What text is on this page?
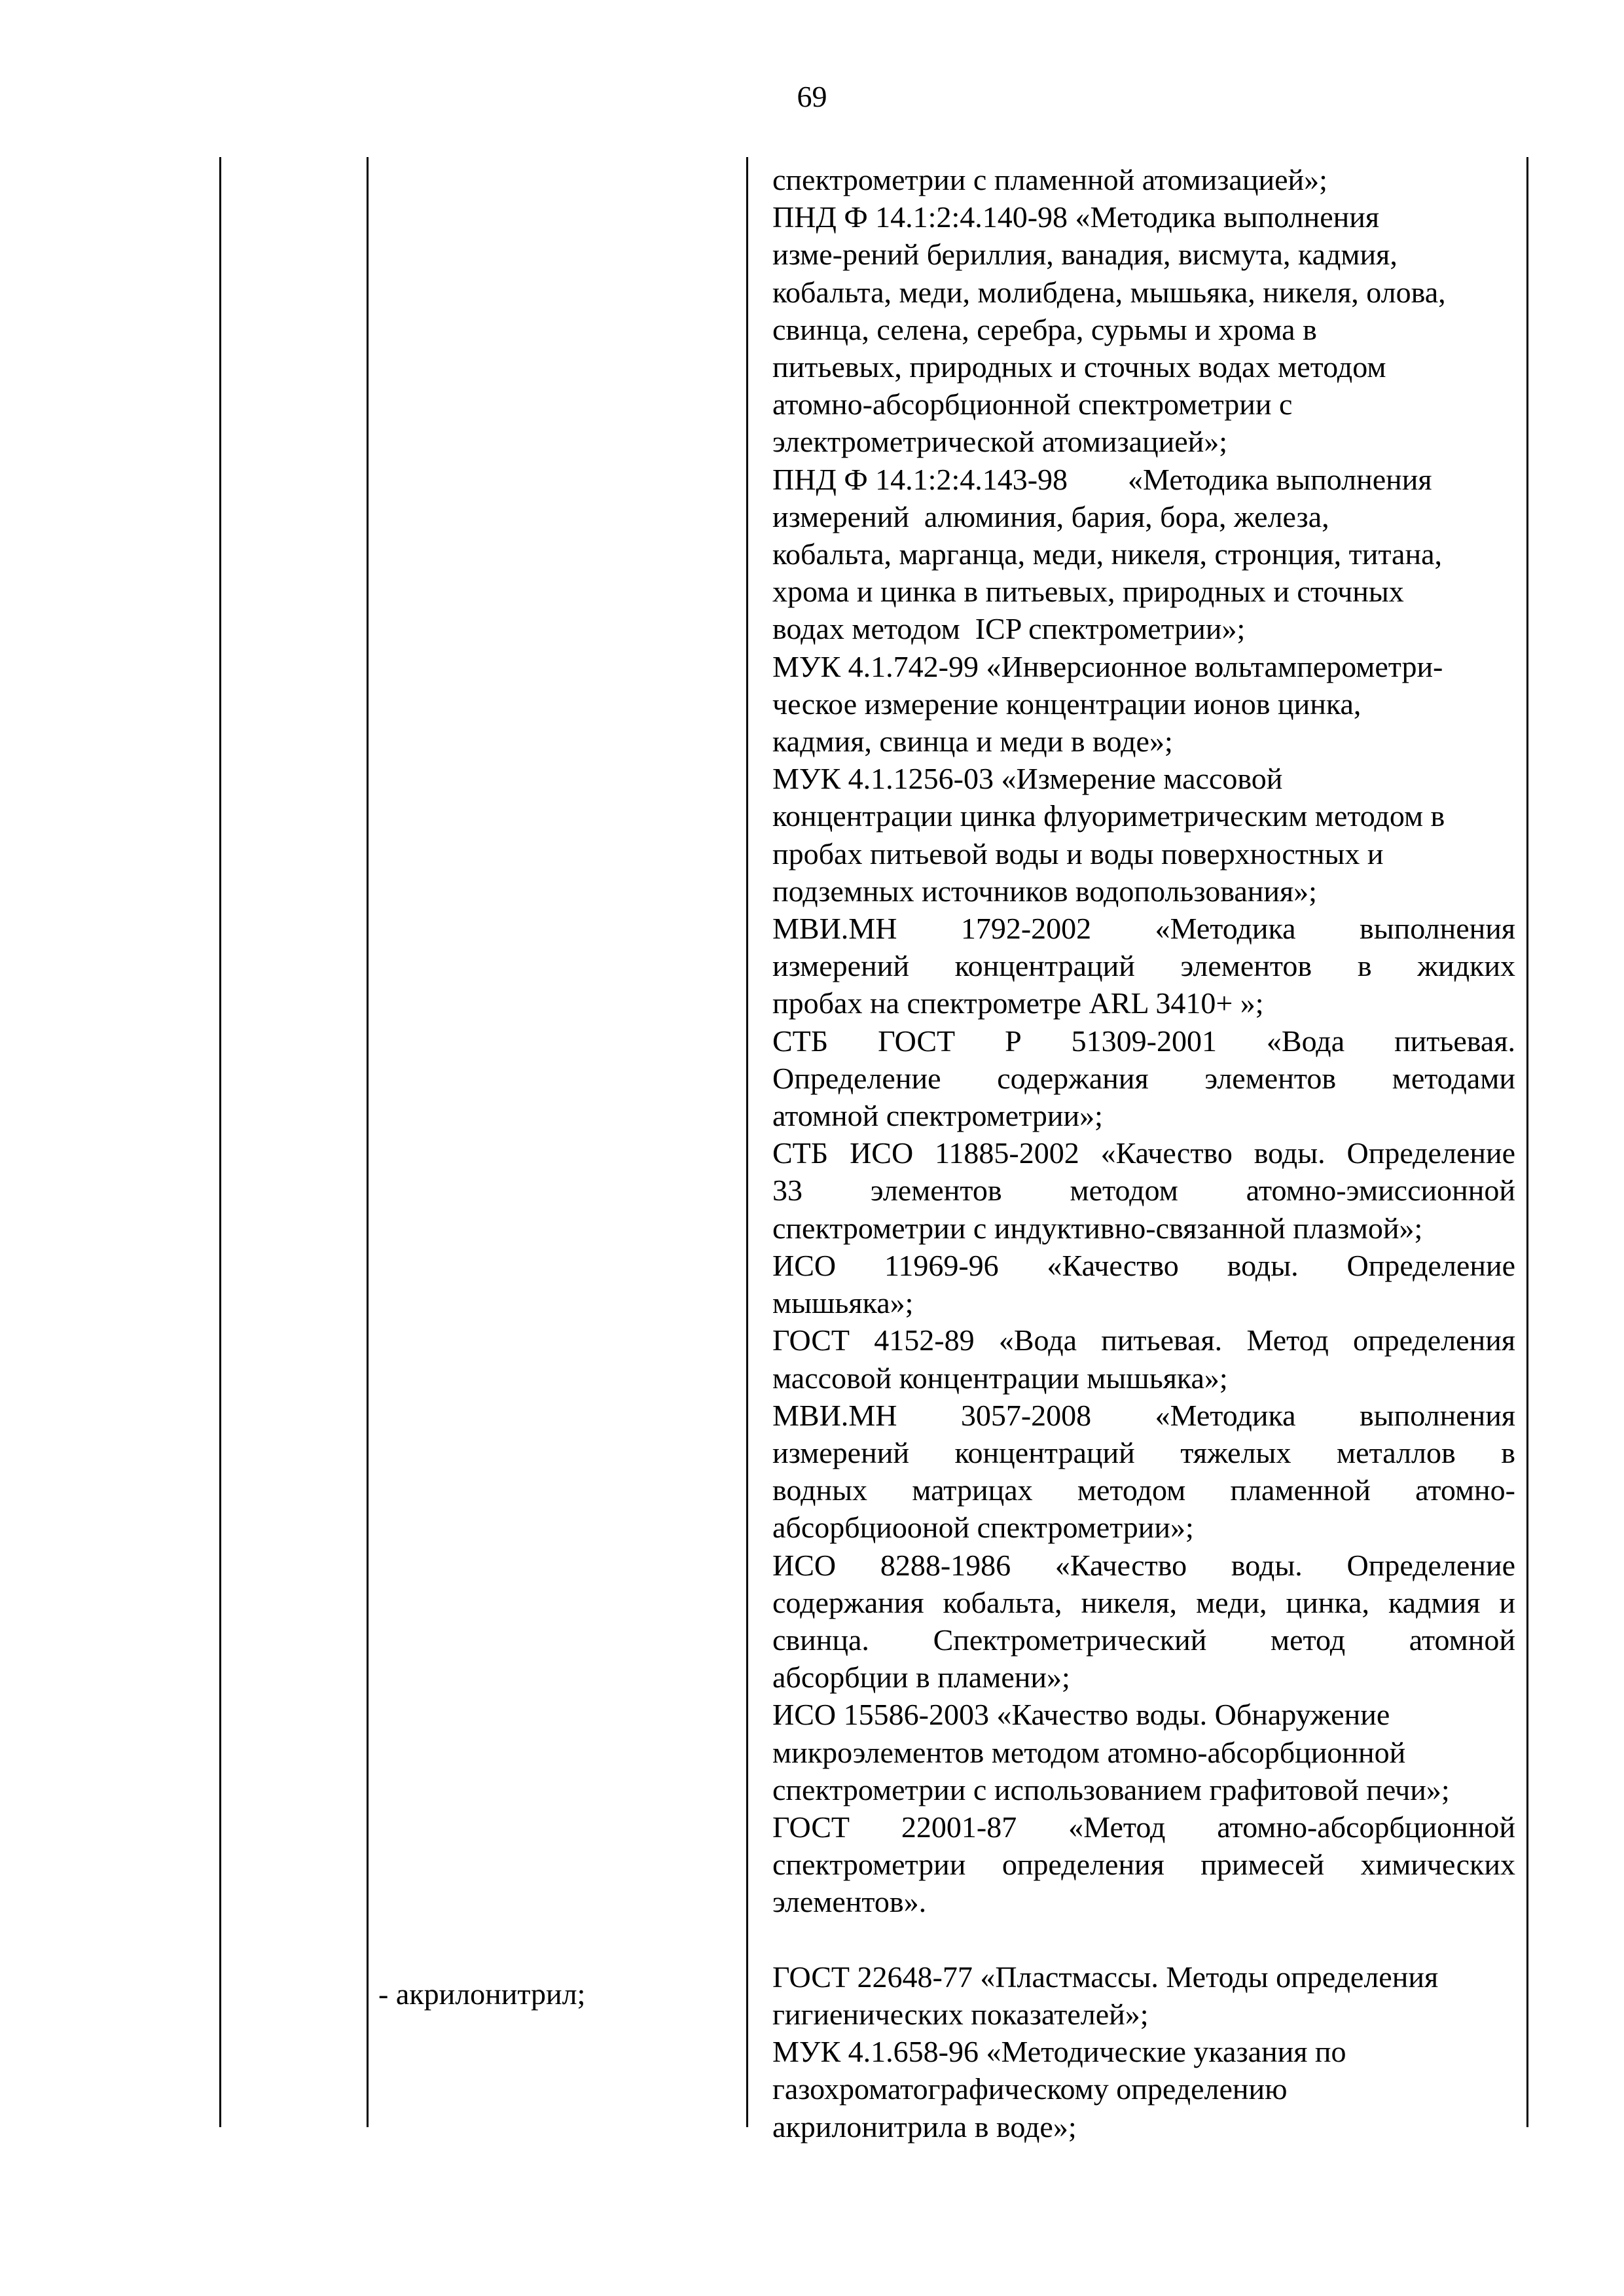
69
- акрилонитрил;
спектрометрии с пламенной атомизацией»;
ПНД Ф 14.1:2:4.140-98 «Методика выполнения
изме-рений бериллия, ванадия, висмута, кадмия,
кобальта, меди, молибдена, мышьяка, никеля, олова,
свинца, селена, серебра, сурьмы и хрома в
питьевых, природных и сточных водах методом
атомно-абсорбционной спектрометрии с
электрометрической атомизацией»;
ПНД Ф 14.1:2:4.143-98        «Методика выполнения
измерений  алюминия, бария, бора, железа,
кобальта, марганца, меди, никеля, стронция, титана,
хрома и цинка в питьевых, природных и сточных
водах методом  ICP спектрометрии»;
МУК 4.1.742-99 «Инверсионное вольтамперометри-
ческое измерение концентрации ионов цинка,
кадмия, свинца и меди в воде»;
МУК 4.1.1256-03 «Измерение массовой
концентрации цинка флуориметрическим методом в
пробах питьевой воды и воды поверхностных и
подземных источников водопользования»;
МВИ.МН 1792-2002 «Методика выполнения
измерений концентраций элементов в жидких
пробах на спектрометре ARL 3410+ »;
СТБ ГОСТ Р 51309-2001 «Вода питьевая.
Определение содержания элементов методами
атомной спектрометрии»;
СТБ ИСО 11885-2002 «Качество воды. Определение
33 элементов методом атомно-эмиссионной
спектрометрии с индуктивно-связанной плазмой»;
ИСО 11969-96 «Качество воды. Определение
мышьяка»;
ГОСТ 4152-89 «Вода питьевая. Метод определения
массовой концентрации мышьяка»;
МВИ.МН 3057-2008 «Методика выполнения
измерений концентраций тяжелых металлов в
водных матрицах методом пламенной атомно-
абсорбциооной спектрометрии»;
ИСО 8288-1986 «Качество воды. Определение
содержания кобальта, никеля, меди, цинка, кадмия и
свинца. Спектрометрический метод атомной
абсорбции в пламени»;
ИСО 15586-2003 «Качество воды. Обнаружение
микроэлементов методом атомно-абсорбционной
спектрометрии с использованием графитовой печи»;
ГОСТ 22001-87 «Метод атомно-абсорбционной
спектрометрии определения примесей химических
элементов».
ГОСТ 22648-77 «Пластмассы. Методы определения
гигиенических показателей»;
МУК 4.1.658-96 «Методические указания по
газохроматографическому определению
акрилонитрила в воде»;
